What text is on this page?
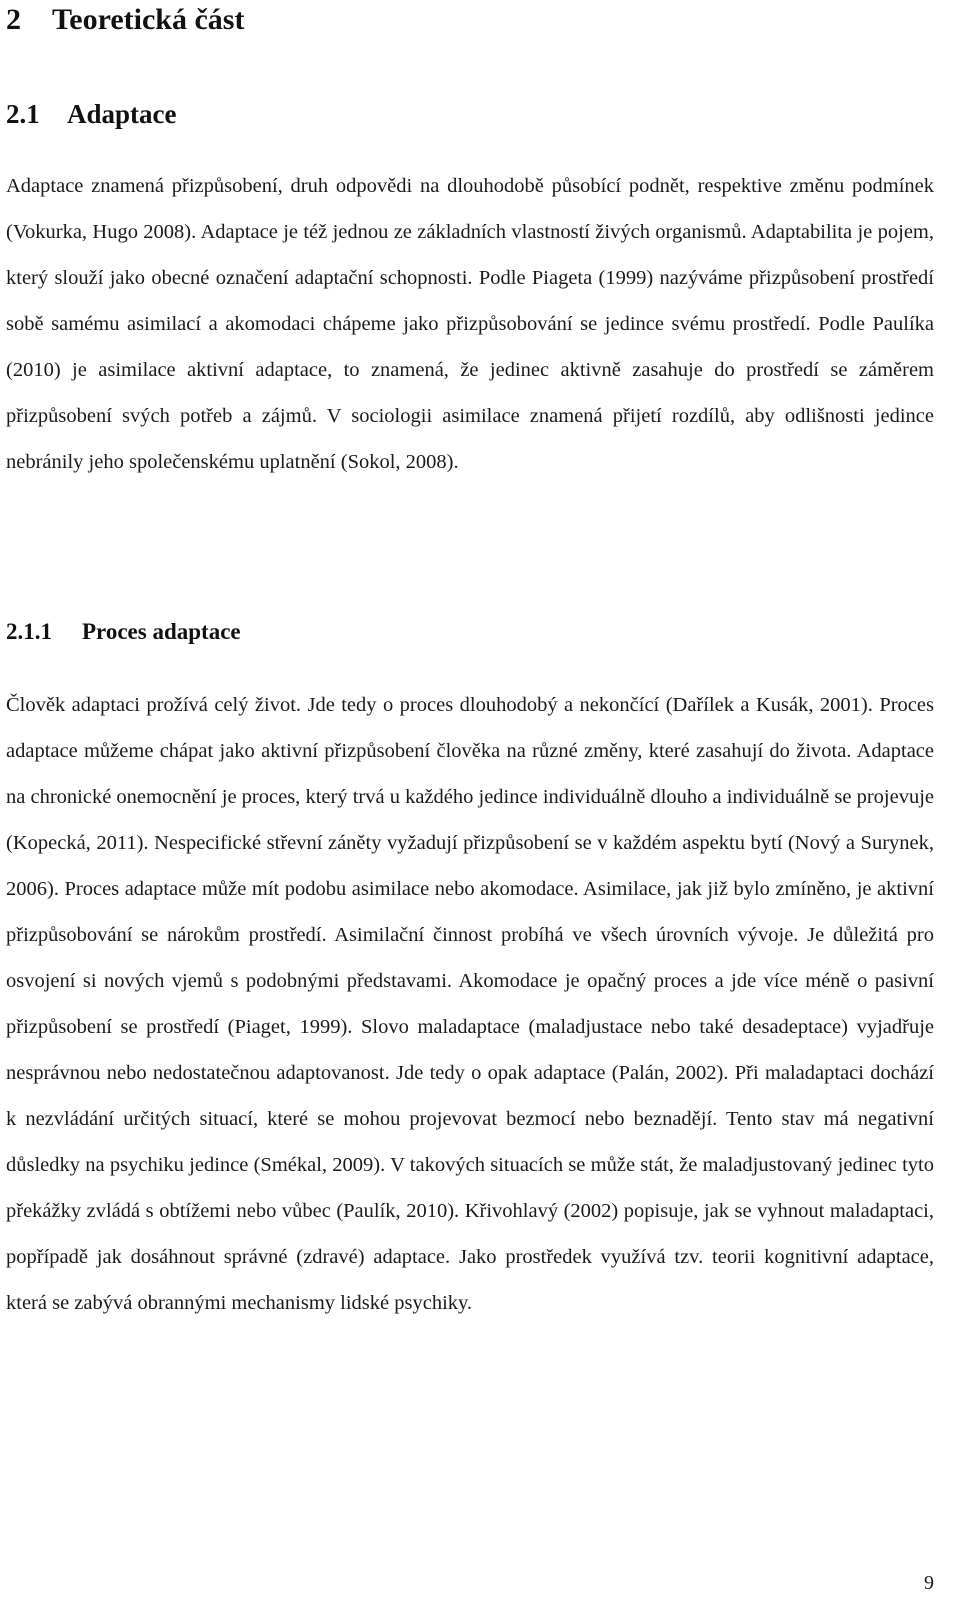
2 Teoretická část
2.1 Adaptace

Adaptace znamená přizpůsobení, druh odpovědi na dlouhodobě působící podnět, respektive změnu podmínek (Vokurka, Hugo 2008). Adaptace je též jednou ze základních vlastností živých organismů. Adaptabilita je pojem, který slouží jako obecné označení adaptační schopnosti. Podle Piageta (1999) nazýváme přizpůsobení prostředí sobě samému asimilací a akomodaci chápeme jako přizpůsobování se jedince svému prostředí. Podle Paulíka (2010) je asimilace aktivní adaptace, to znamená, že jedinec aktivně zasahuje do prostředí se záměrem přizpůsobení svých potřeb a zájmů. V sociologii asimilace znamená přijetí rozdílů, aby odlišnosti jedince nebránily jeho společenskému uplatnění (Sokol, 2008).

2.1.1 Proces adaptace

Člověk adaptaci prožívá celý život. Jde tedy o proces dlouhodobý a nekončící (Dařílek a Kusák, 2001). Proces adaptace můžeme chápat jako aktivní přizpůsobení člověka na různé změny, které zasahují do života. Adaptace na chronické onemocnění je proces, který trvá u každého jedince individuálně dlouho a individuálně se projevuje (Kopecká, 2011). Nespecifické střevní záněty vyžadují přizpůsobení se v každém aspektu bytí (Nový a Surynek, 2006). Proces adaptace může mít podobu asimilace nebo akomodace. Asimilace, jak již bylo zmíněno, je aktivní přizpůsobování se nárokům prostředí. Asimilační činnost probíhá ve všech úrovních vývoje. Je důležitá pro osvojení si nových vjemů s podobnými představami. Akomodace je opačný proces a jde více méně o pasivní přizpůsobení se prostředí (Piaget, 1999). Slovo maladaptace (maladjustace nebo také desadeptace) vyjadřuje nesprávnou nebo nedostatečnou adaptovanost. Jde tedy o opak adaptace (Palán, 2002). Při maladaptaci dochází k nezvládání určitých situací, které se mohou projevovat bezmocí nebo beznadějí. Tento stav má negativní důsledky na psychiku jedince (Smékal, 2009). V takových situacích se může stát, že maladjustovaný jedinec tyto překážky zvládá s obtížemi nebo vůbec (Paulík, 2010). Křivohlavý (2002) popisuje, jak se vyhnout maladaptaci, popřípadě jak dosáhnout správné (zdravé) adaptace. Jako prostředek využívá tzv. teorii kognitivní adaptace, která se zabývá obrannými mechanismy lidské psychiky.

9
